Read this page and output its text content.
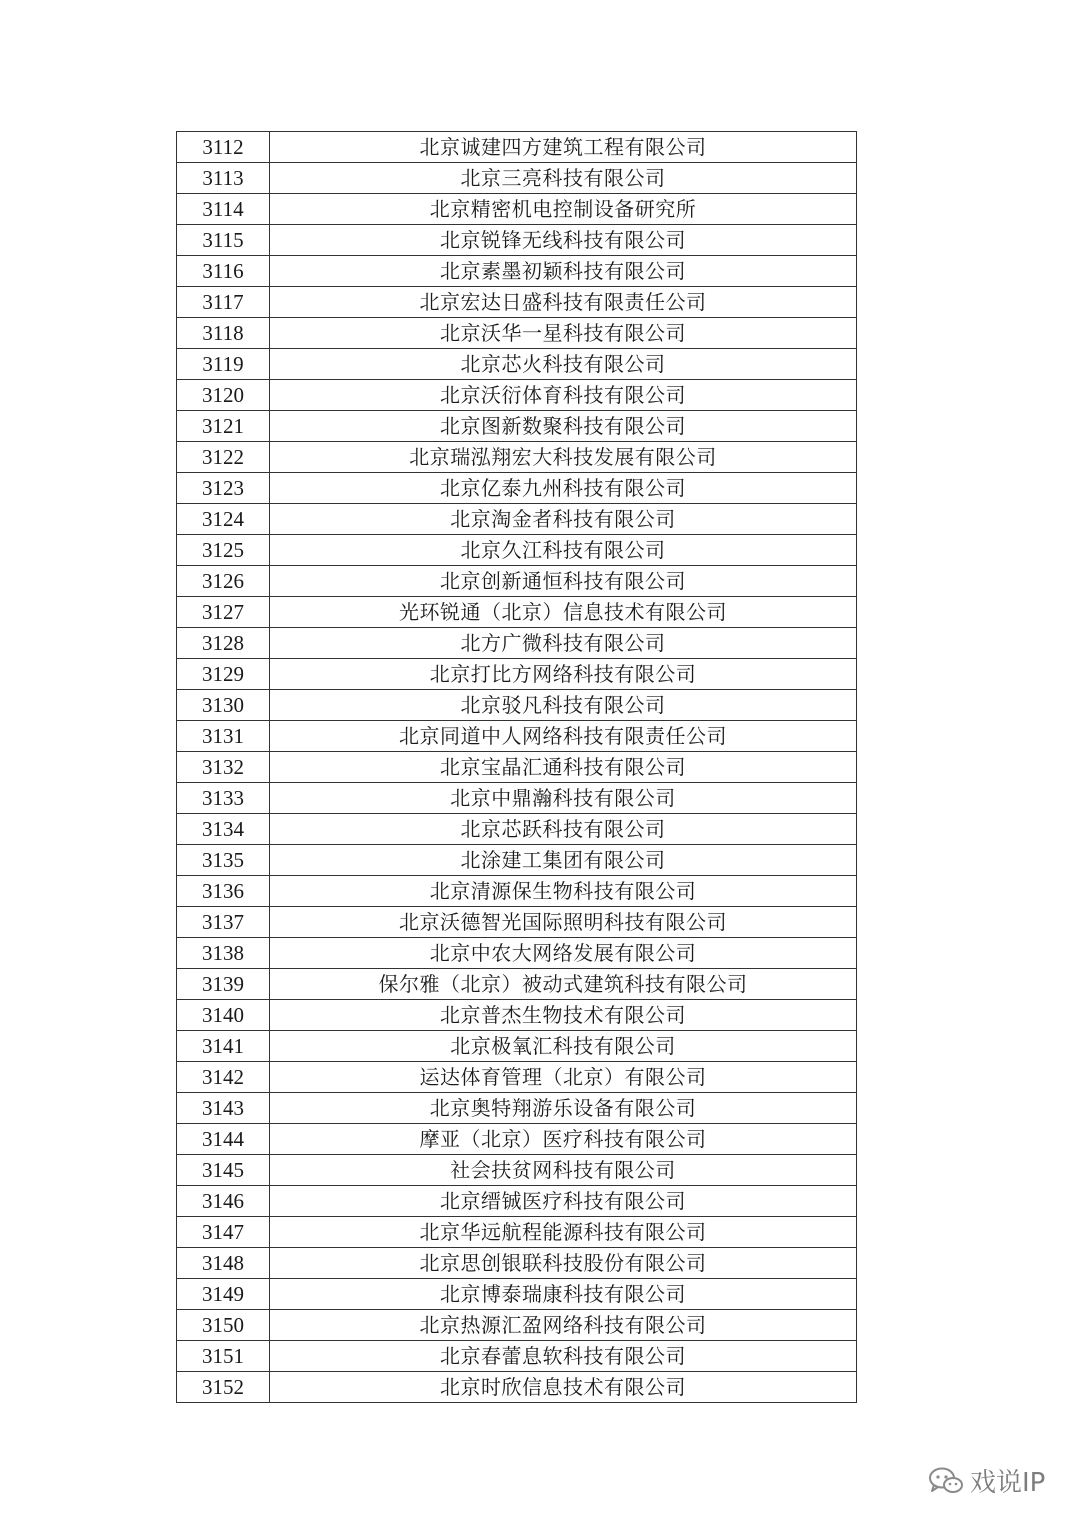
3112	北京诚建四方建筑工程有限公司
3113	北京三亮科技有限公司
3114	北京精密机电控制设备研究所
3115	北京锐锋无线科技有限公司
3116	北京素墨初颖科技有限公司
3117	北京宏达日盛科技有限责任公司
3118	北京沃华一星科技有限公司
3119	北京芯火科技有限公司
3120	北京沃衍体育科技有限公司
3121	北京图新数聚科技有限公司
3122	北京瑞泓翔宏大科技发展有限公司
3123	北京亿泰九州科技有限公司
3124	北京淘金者科技有限公司
3125	北京久江科技有限公司
3126	北京创新通恒科技有限公司
3127	光环锐通（北京）信息技术有限公司
3128	北方广微科技有限公司
3129	北京打比方网络科技有限公司
3130	北京驳凡科技有限公司
3131	北京同道中人网络科技有限责任公司
3132	北京宝晶汇通科技有限公司
3133	北京中鼎瀚科技有限公司
3134	北京芯跃科技有限公司
3135	北涂建工集团有限公司
3136	北京清源保生物科技有限公司
3137	北京沃德智光国际照明科技有限公司
3138	北京中农大网络发展有限公司
3139	保尔雅（北京）被动式建筑科技有限公司
3140	北京普杰生物技术有限公司
3141	北京极氧汇科技有限公司
3142	运达体育管理（北京）有限公司
3143	北京奥特翔游乐设备有限公司
3144	摩亚（北京）医疗科技有限公司
3145	社会扶贫网科技有限公司
3146	北京缙铖医疗科技有限公司
3147	北京华远航程能源科技有限公司
3148	北京思创银联科技股份有限公司
3149	北京博泰瑞康科技有限公司
3150	北京热源汇盈网络科技有限公司
3151	北京春蕾息软科技有限公司
3152	北京时欣信息技术有限公司
戏说IP
